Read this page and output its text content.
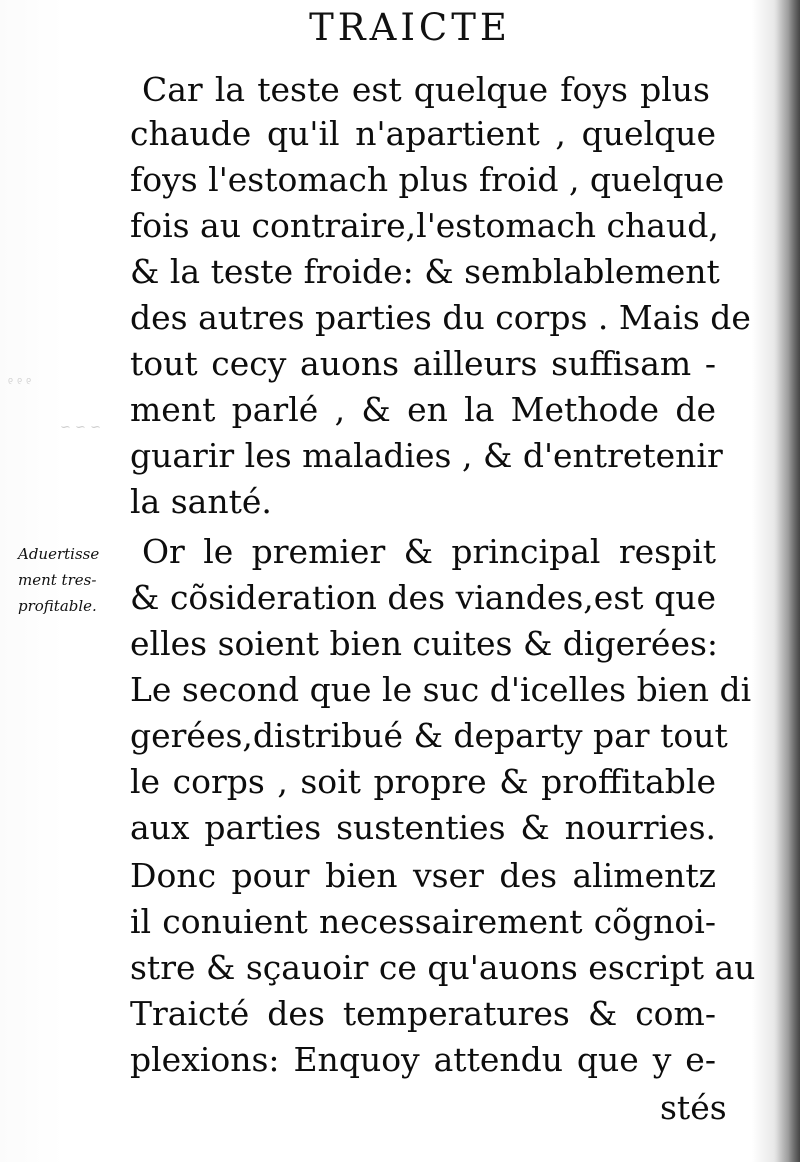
ꝰ ꝰ ꝰ
~ ~ ~
TRAICTE
Car la teste est quelque foys plus
chaude qu'il n'apartient , quelque
foys l'estomach plus froid , quelque
fois au contraire,l'estomach chaud,
& la teste froide: & semblablement
des autres parties du corps . Mais de
tout cecy auons ailleurs suffisam -
ment parlé , & en la Methode de
guarir les maladies , & d'entretenir
la santé.
Or le premier & principal respit
& cõsideration des viandes,est que
elles soient bien cuites & digerées:
Le second que le suc d'icelles bien di
gerées,distribué & departy par tout
le corps , soit propre & proffitable
aux parties sustenties & nourries.
Donc pour bien vser des alimentz
il conuient necessairement cõgnoi-
stre & sçauoir ce qu'auons escript au
Traicté des temperatures & com-
plexions: Enquoy attendu que y e-
stés
Aduertisse
ment tres-
profitable.
